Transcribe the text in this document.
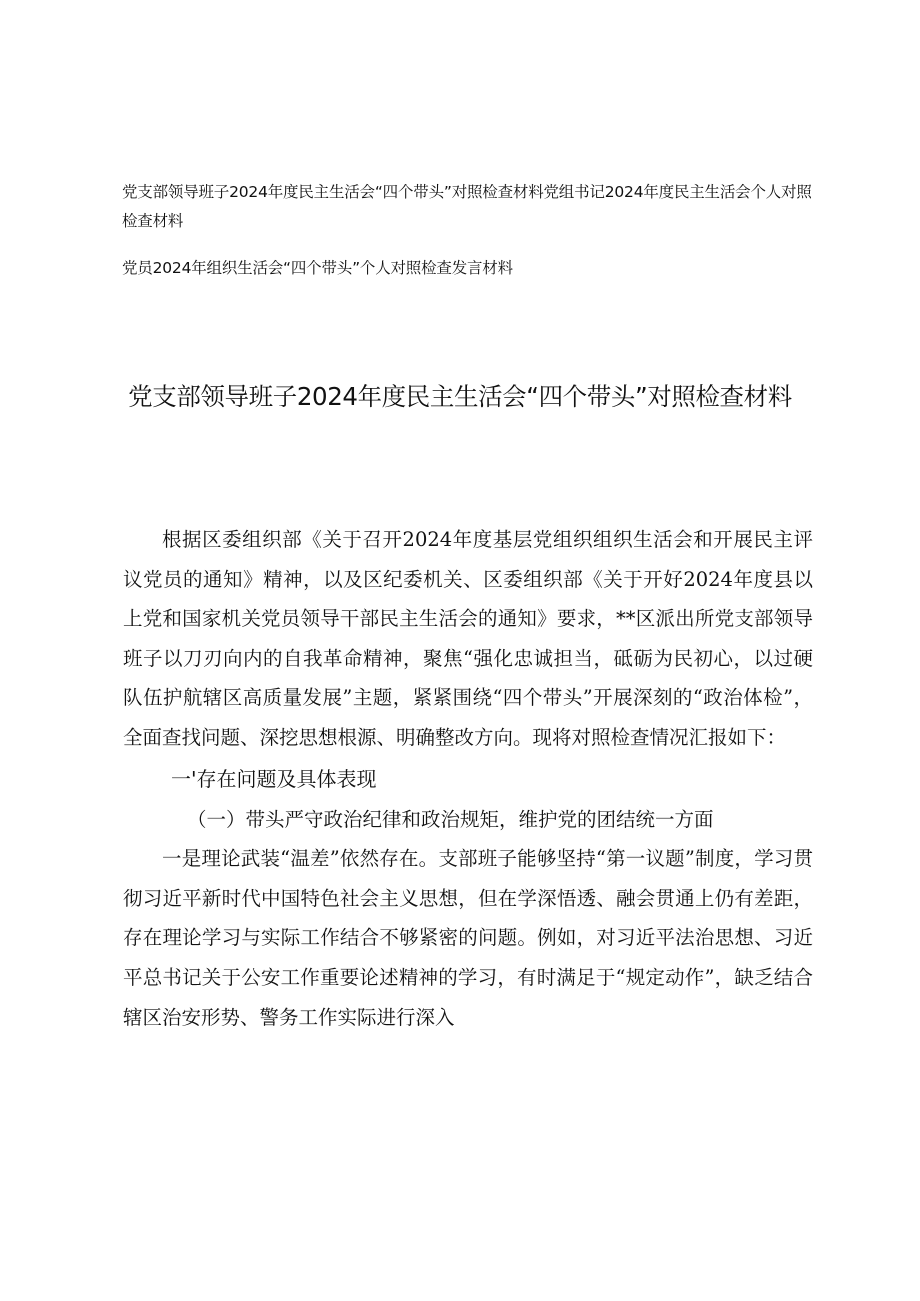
党支部领导班子2024年度民主生活会“四个带头”对照检查材料党组书记2024年度民主生活会个人对照检查材料

党员2024年组织生活会“四个带头”个人对照检查发言材料

党支部领导班子2024年度民主生活会“四个带头”对照检查材料

根据区委组织部《关于召开2024年度基层党组织组织生活会和开展民主评议党员的通知》精神，以及区纪委机关、区委组织部《关于开好2024年度县以上党和国家机关党员领导干部民主生活会的通知》要求，**区派出所党支部领导班子以刀刃向内的自我革命精神，聚焦“强化忠诚担当，砥砺为民初心，以过硬队伍护航辖区高质量发展”主题，紧紧围绕“四个带头”开展深刻的“政治体检”，全面查找问题、深挖思想根源、明确整改方向。现将对照检查情况汇报如下：

一'存在问题及具体表现

（一）带头严守政治纪律和政治规矩，维护党的团结统一方面

一是理论武装“温差”依然存在。支部班子能够坚持“第一议题”制度，学习贯彻习近平新时代中国特色社会主义思想，但在学深悟透、融会贯通上仍有差距，存在理论学习与实际工作结合不够紧密的问题。例如，对习近平法治思想、习近平总书记关于公安工作重要论述精神的学习，有时满足于“规定动作”，缺乏结合辖区治安形势、警务工作实际进行深入
